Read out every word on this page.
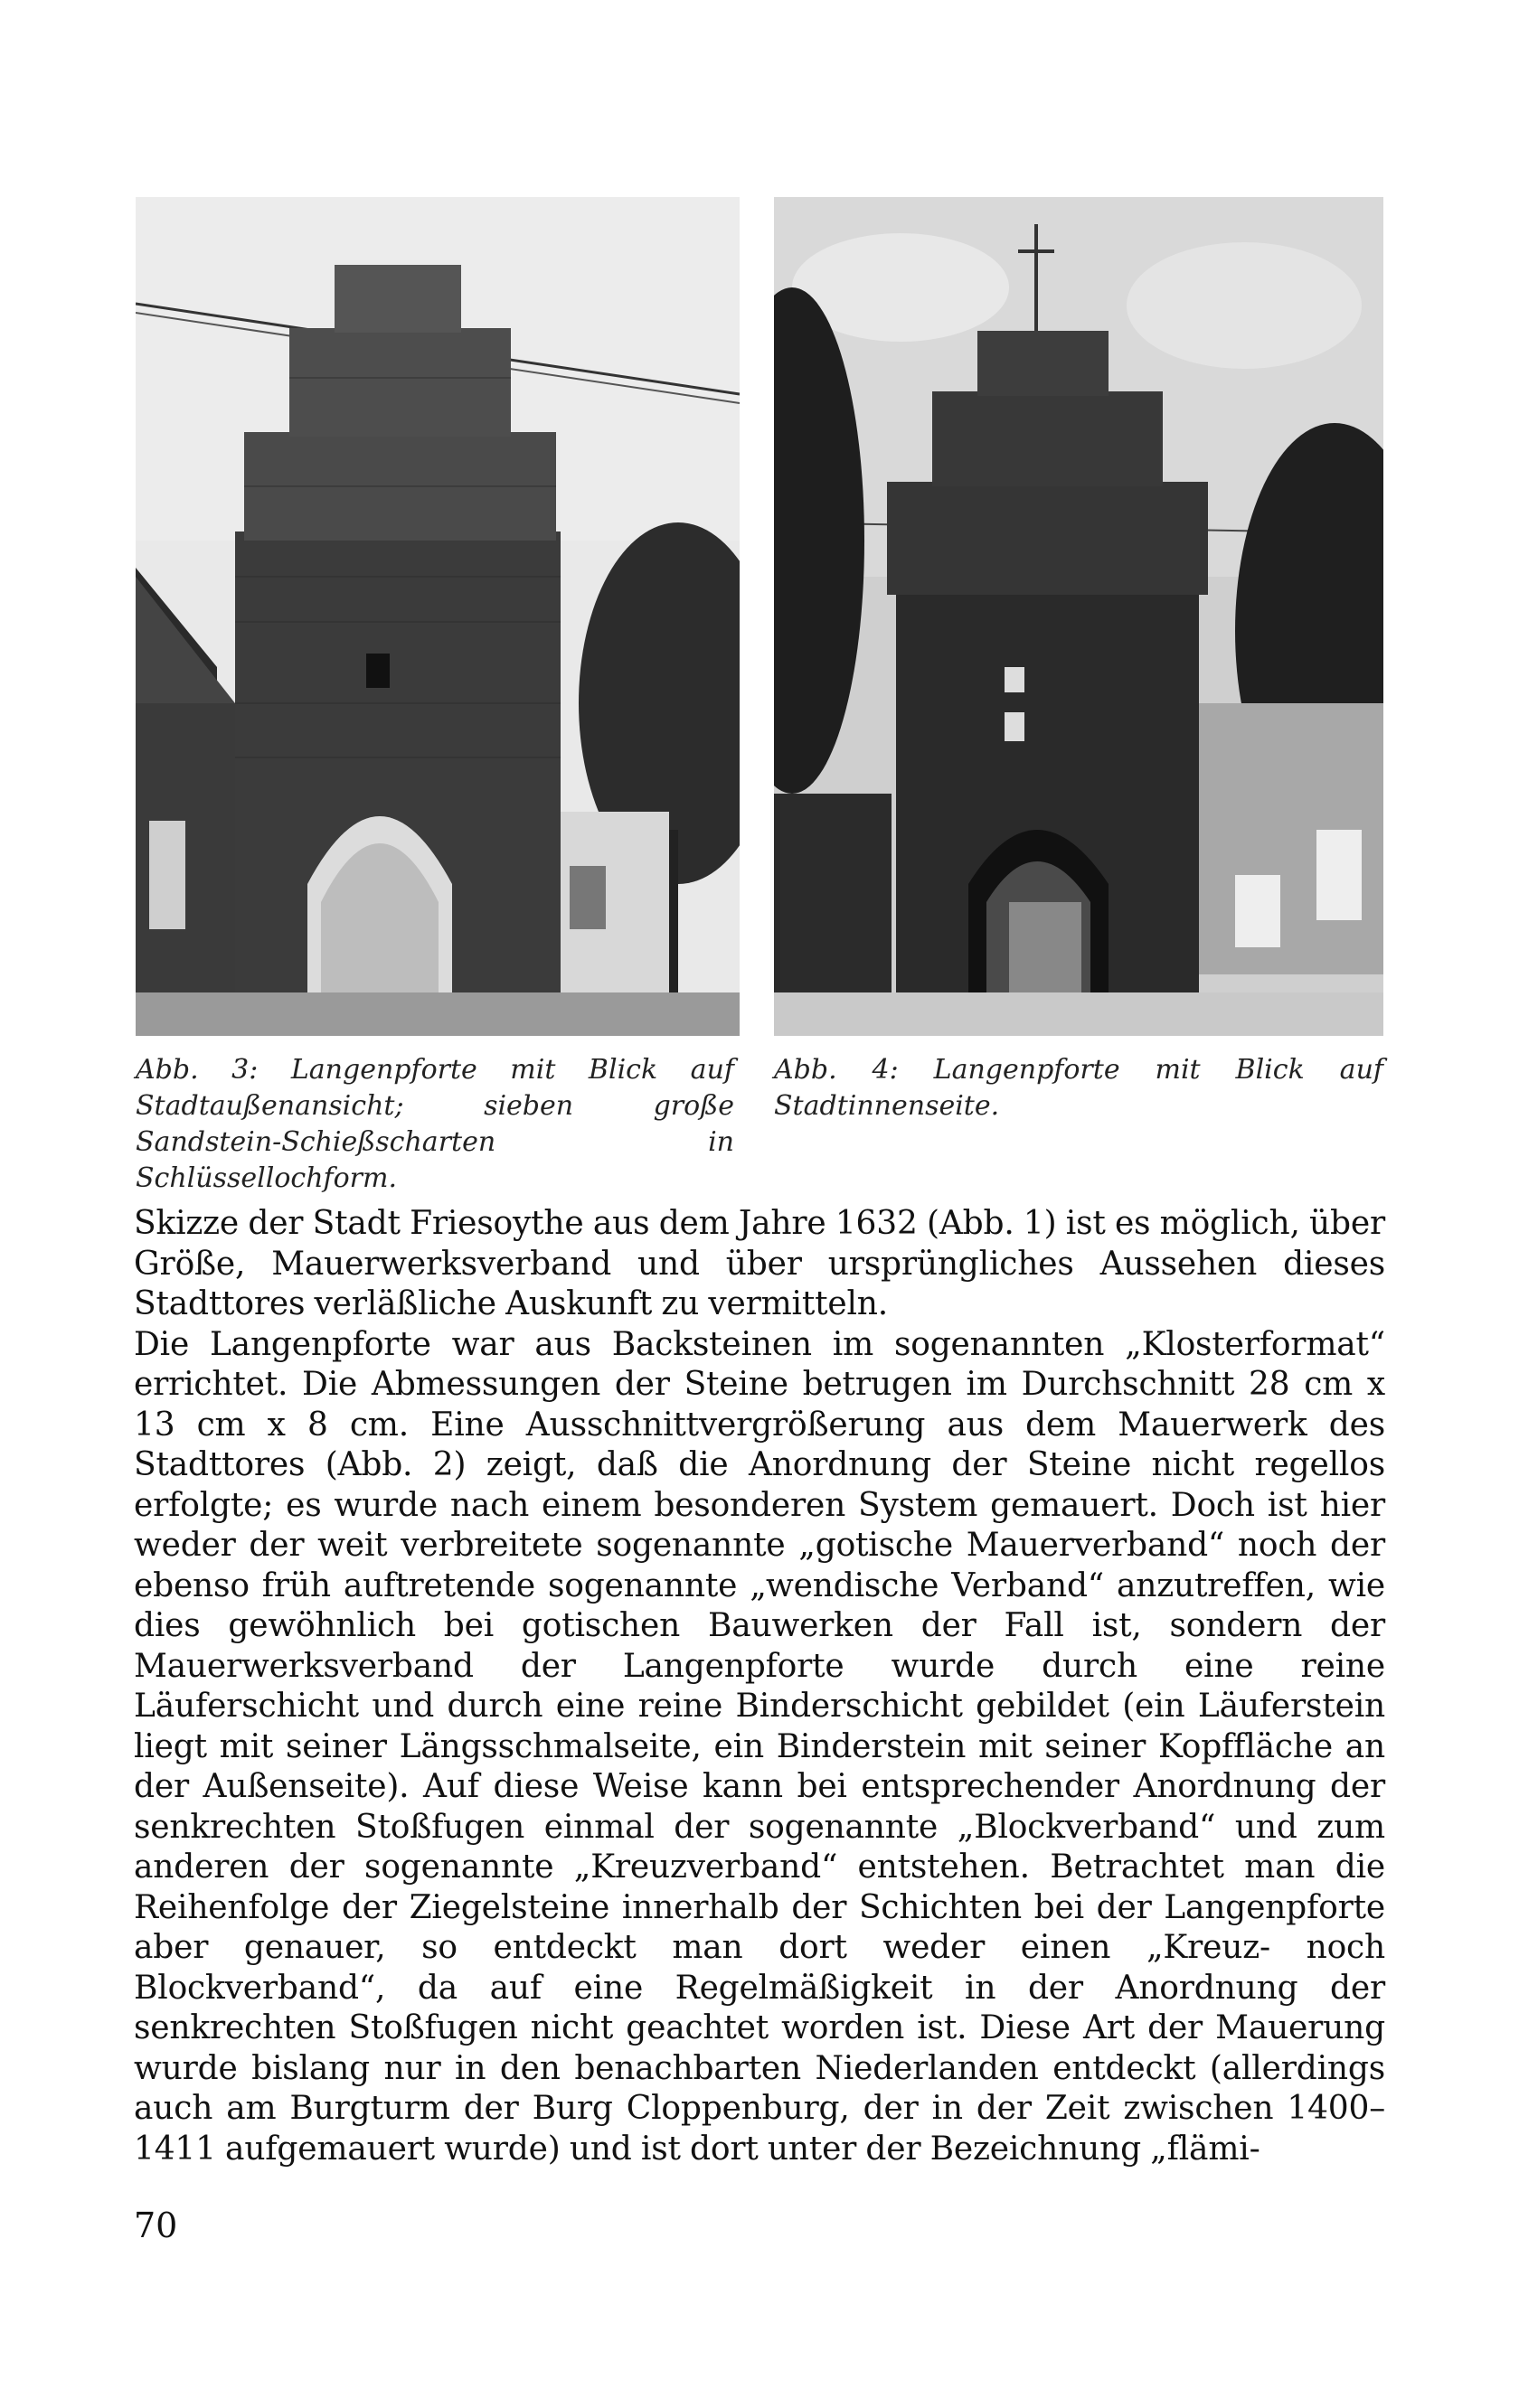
Abb. 3: Langenpforte mit Blick auf Stadtaußenansicht; sieben große Sandstein-Schießscharten in Schlüssellochform.
Abb. 4: Langenpforte mit Blick auf Stadtinnenseite.

Skizze der Stadt Friesoythe aus dem Jahre 1632 (Abb. 1) ist es möglich, über Größe, Mauerwerksverband und über ursprüngliches Aussehen dieses Stadttores verläßliche Auskunft zu vermitteln.

Die Langenpforte war aus Backsteinen im sogenannten „Klosterformat“ errichtet. Die Abmessungen der Steine betrugen im Durchschnitt 28 cm x 13 cm x 8 cm. Eine Ausschnittvergrößerung aus dem Mauerwerk des Stadttores (Abb. 2) zeigt, daß die Anordnung der Steine nicht regellos erfolgte; es wurde nach einem besonderen System gemauert. Doch ist hier weder der weit verbreitete sogenannte „gotische Mauerverband“ noch der ebenso früh auftretende sogenannte „wendische Verband“ anzutreffen, wie dies gewöhnlich bei gotischen Bauwerken der Fall ist, sondern der Mauerwerksverband der Langenpforte wurde durch eine reine Läuferschicht und durch eine reine Binderschicht gebildet (ein Läuferstein liegt mit seiner Längsschmalseite, ein Binderstein mit seiner Kopffläche an der Außenseite). Auf diese Weise kann bei entsprechender Anordnung der senkrechten Stoßfugen einmal der sogenannte „Blockverband“ und zum anderen der sogenannte „Kreuzverband“ entstehen. Betrachtet man die Reihenfolge der Ziegelsteine innerhalb der Schichten bei der Langenpforte aber genauer, so entdeckt man dort weder einen „Kreuz- noch Blockverband“, da auf eine Regelmäßigkeit in der Anordnung der senkrechten Stoßfugen nicht geachtet worden ist. Diese Art der Mauerung wurde bislang nur in den benachbarten Niederlanden entdeckt (allerdings auch am Burgturm der Burg Cloppenburg, der in der Zeit zwischen 1400–1411 aufgemauert wurde) und ist dort unter der Bezeichnung „flämi-

70
